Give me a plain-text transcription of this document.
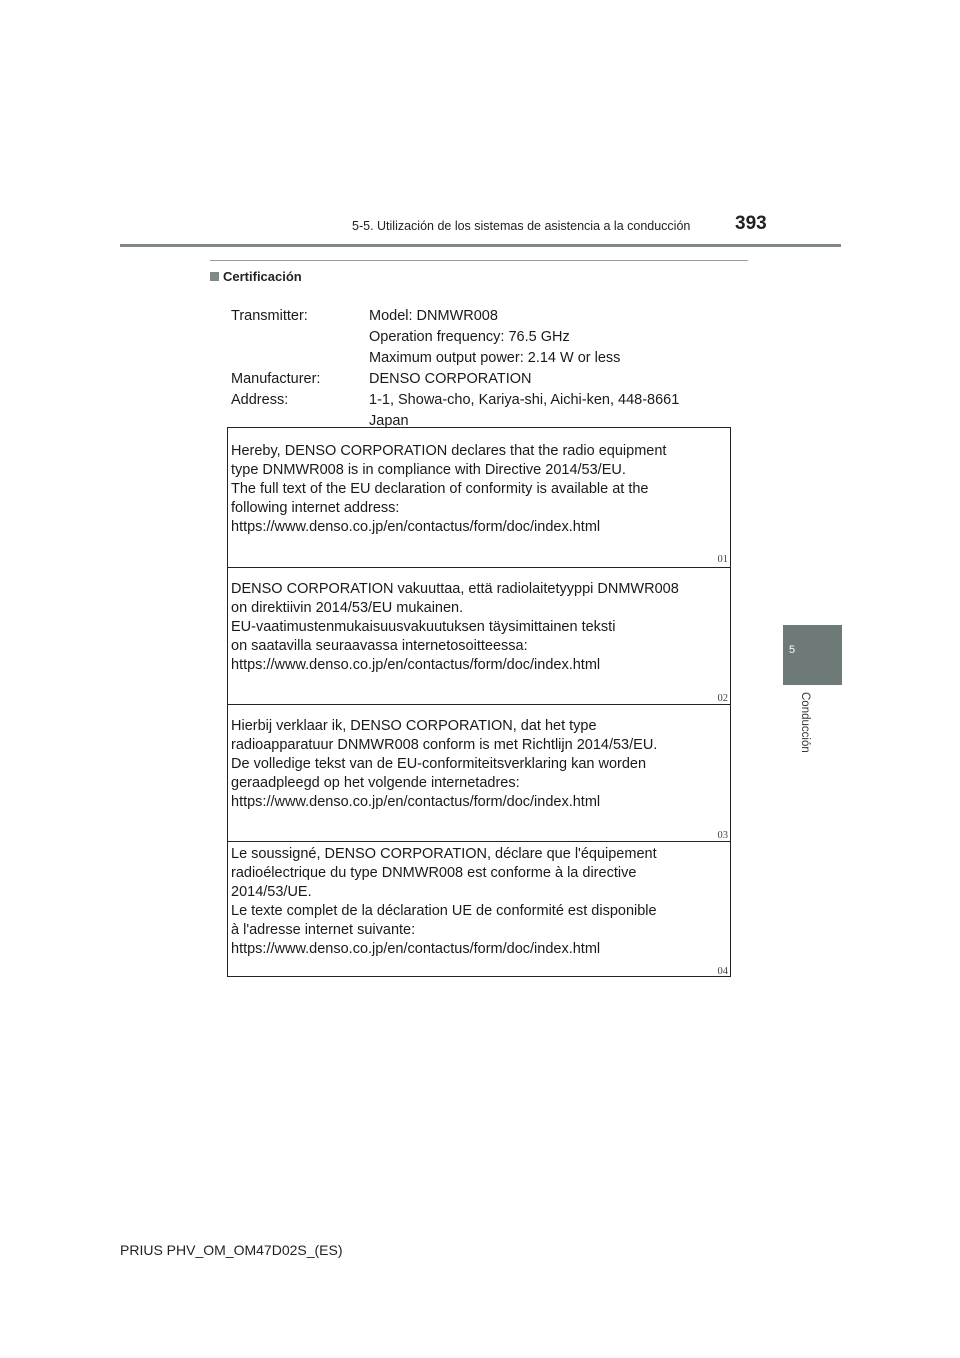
5-5. Utilización de los sistemas de asistencia a la conducción 393
5
Conducción
Certificación
Transmitter:	Model: DNMWR008
Operation frequency: 76.5 GHz
Maximum output power: 2.14 W or less
Manufacturer:	DENSO CORPORATION
Address:	1-1, Showa-cho, Kariya-shi, Aichi-ken, 448-8661
Japan
Hereby, DENSO CORPORATION declares that the radio equipment
type DNMWR008 is in compliance with Directive 2014/53/EU.
The full text of the EU declaration of conformity is available at the
following internet address:
https://www.denso.co.jp/en/contactus/form/doc/index.html
01
DENSO CORPORATION vakuuttaa, että radiolaitetyyppi DNMWR008
on direktiivin 2014/53/EU mukainen.
EU-vaatimustenmukaisuusvakuutuksen täysimittainen teksti
on saatavilla seuraavassa internetosoitteessa:
https://www.denso.co.jp/en/contactus/form/doc/index.html
02
Hierbij verklaar ik, DENSO CORPORATION, dat het type
radioapparatuur DNMWR008 conform is met Richtlijn 2014/53/EU.
De volledige tekst van de EU-conformiteitsverklaring kan worden
geraadpleegd op het volgende internetadres:
https://www.denso.co.jp/en/contactus/form/doc/index.html
03
Le soussigné, DENSO CORPORATION, déclare que l'équipement
radioélectrique du type DNMWR008 est conforme à la directive
2014/53/UE.
Le texte complet de la déclaration UE de conformité est disponible
à l'adresse internet suivante:
https://www.denso.co.jp/en/contactus/form/doc/index.html
04
PRIUS PHV_OM_OM47D02S_(ES)
